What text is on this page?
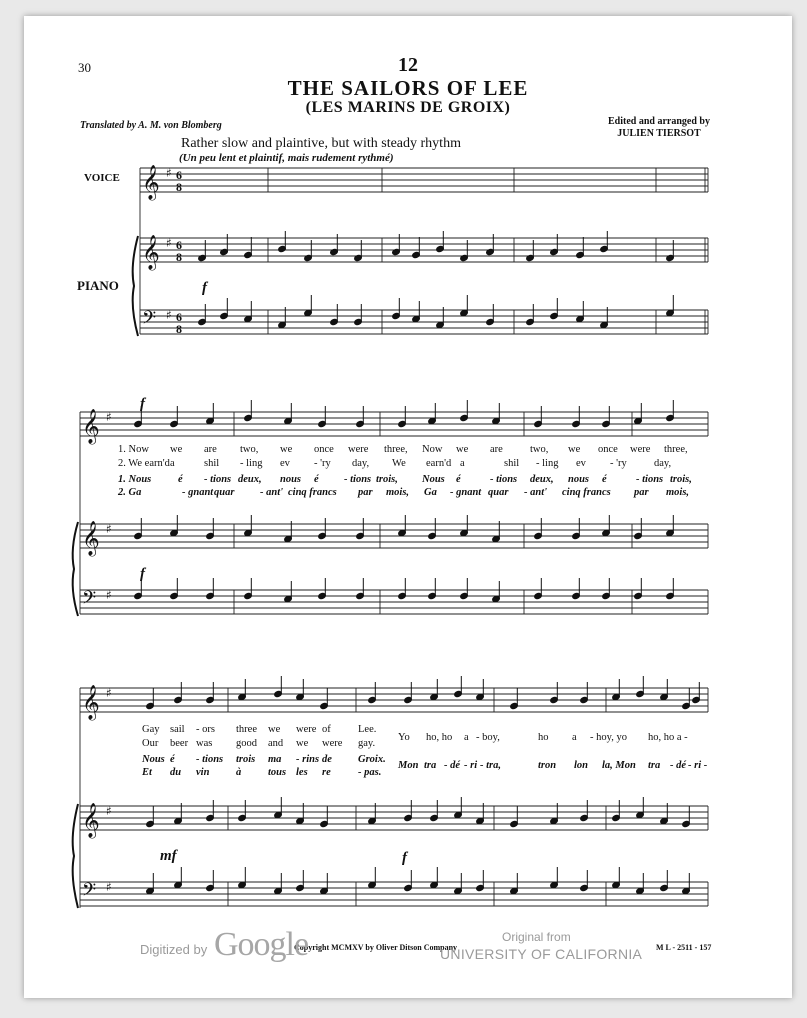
30	12
THE SAILORS OF LEE
(LES MARINS DE GROIX)
Translated by A. M. von Blomberg	Edited and arranged by
JULIEN TIERSOT
Rather slow and plaintive, but with steady rhythm
(Un peu lent et plaintif, mais rudement rythmé)
VOICE
PIANO
𝄞 ♯ 6
8
𝄞 ♯ 6
8
𝄢 ♯ 6
8
𝄞 ♯
𝄞 ♯
𝄢 ♯
𝄞 ♯
𝄞 ♯
𝄢 ♯
f
f
f
f
mf
1. Now we are two, we once were three, Now we are	two, we once were three,
2. We earn'd a	shil - ling ev - 'ry day, We earn'd a	shil - ling ev - 'ry	day,
1. Nous	é - tions deux, nous é - tions trois, Nous é	- tions deux, nous é	- tions trois,
2. Ga	- gnant quar - ant' cinq francs par mois, Ga - gnant quar - ant' cinq francs par mois,
Gay sail - ors three we were of	Lee.
Our beer was good and we were gay.
Nous é - tions trois ma - rins de Groix.
Et du vin	à	tous les re	- pas.
Yo ho, ho a - boy,	ho a - hoy, yo ho, ho a -
Mon tra - dé - ri - tra,	tron lon la, Mon tra - dé - ri -
Copyright MCMXV by Oliver Ditson Company	M L - 2511 - 157
Digitized by Google	Original from
UNIVERSITY OF CALIFORNIA
